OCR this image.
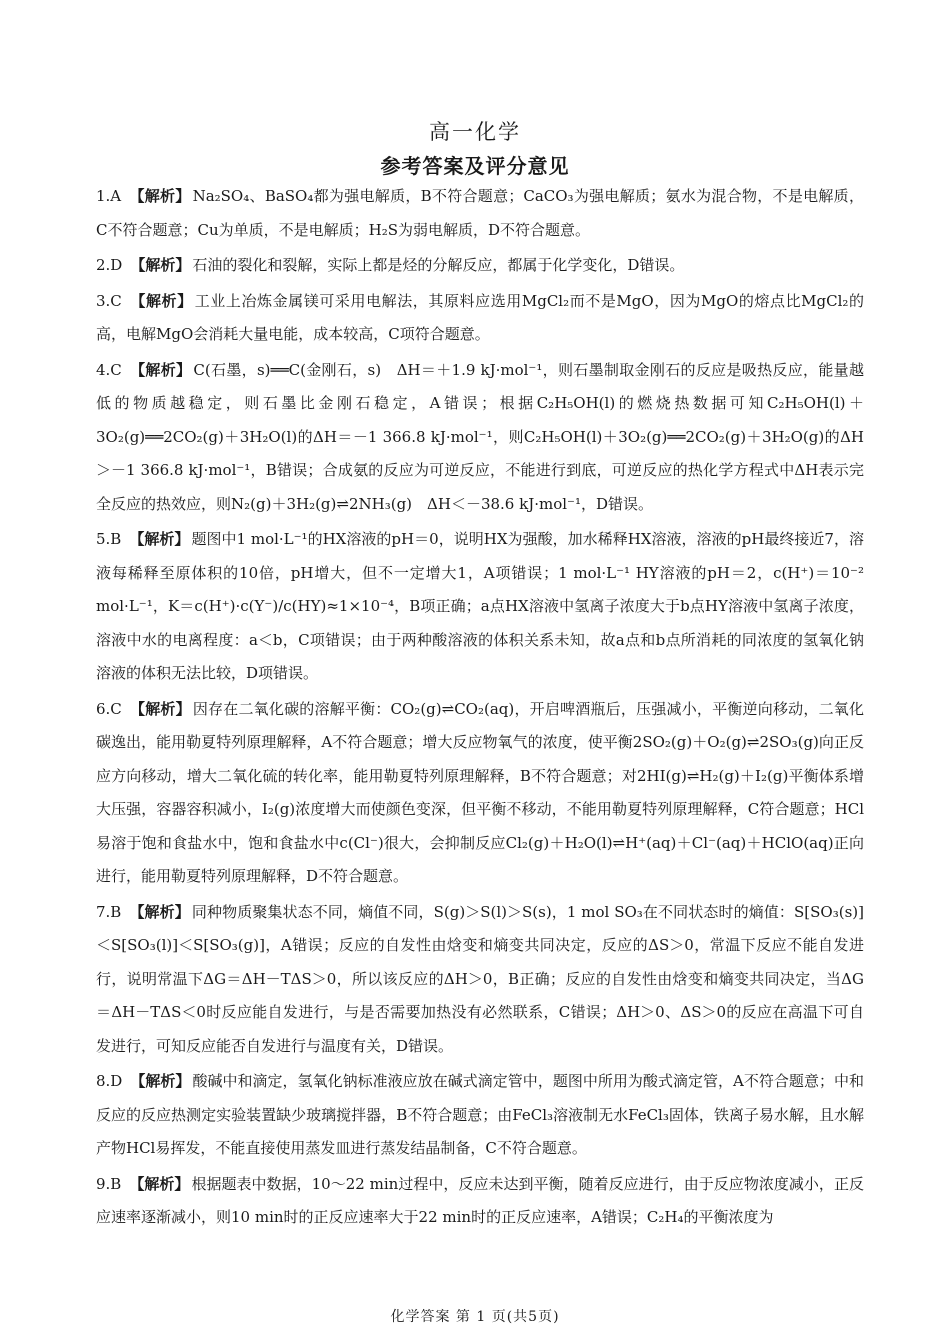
高一化学
参考答案及评分意见
1.A 【解析】 Na₂SO₄、BaSO₄都为强电解质，B不符合题意；CaCO₃为强电解质；氨水为混合物，不是电解质，C不符合题意；Cu为单质，不是电解质；H₂S为弱电解质，D不符合题意。
2.D 【解析】 石油的裂化和裂解，实际上都是烃的分解反应，都属于化学变化，D错误。
3.C 【解析】 工业上冶炼金属镁可采用电解法，其原料应选用MgCl₂而不是MgO，因为MgO的熔点比MgCl₂的高，电解MgO会消耗大量电能，成本较高，C项符合题意。
4.C 【解析】 C(石墨，s)══C(金刚石，s)　ΔH＝＋1.9 kJ·mol⁻¹，则石墨制取金刚石的反应是吸热反应，能量越低的物质越稳定，则石墨比金刚石稳定，A错误；根据C₂H₅OH(l)的燃烧热数据可知C₂H₅OH(l)＋3O₂(g)══2CO₂(g)＋3H₂O(l)的ΔH＝－1 366.8 kJ·mol⁻¹，则C₂H₅OH(l)＋3O₂(g)══2CO₂(g)＋3H₂O(g)的ΔH＞－1 366.8 kJ·mol⁻¹，B错误；合成氨的反应为可逆反应，不能进行到底，可逆反应的热化学方程式中ΔH表示完全反应的热效应，则N₂(g)＋3H₂(g)⇌2NH₃(g)　ΔH＜－38.6 kJ·mol⁻¹，D错误。
5.B 【解析】 题图中1 mol·L⁻¹的HX溶液的pH＝0，说明HX为强酸，加水稀释HX溶液，溶液的pH最终接近7，溶液每稀释至原体积的10倍，pH增大，但不一定增大1，A项错误；1 mol·L⁻¹ HY溶液的pH＝2，c(H⁺)＝10⁻² mol·L⁻¹，K＝c(H⁺)·c(Y⁻)/c(HY)≈1×10⁻⁴，B项正确；a点HX溶液中氢离子浓度大于b点HY溶液中氢离子浓度，溶液中水的电离程度：a＜b，C项错误；由于两种酸溶液的体积关系未知，故a点和b点所消耗的同浓度的氢氧化钠溶液的体积无法比较，D项错误。
6.C 【解析】 因存在二氧化碳的溶解平衡：CO₂(g)⇌CO₂(aq)，开启啤酒瓶后，压强减小，平衡逆向移动，二氧化碳逸出，能用勒夏特列原理解释，A不符合题意；增大反应物氧气的浓度，使平衡2SO₂(g)＋O₂(g)⇌2SO₃(g)向正反应方向移动，增大二氧化硫的转化率，能用勒夏特列原理解释，B不符合题意；对2HI(g)⇌H₂(g)＋I₂(g)平衡体系增大压强，容器容积减小，I₂(g)浓度增大而使颜色变深，但平衡不移动，不能用勒夏特列原理解释，C符合题意；HCl易溶于饱和食盐水中，饱和食盐水中c(Cl⁻)很大，会抑制反应Cl₂(g)＋H₂O(l)⇌H⁺(aq)＋Cl⁻(aq)＋HClO(aq)正向进行，能用勒夏特列原理解释，D不符合题意。
7.B 【解析】 同种物质聚集状态不同，熵值不同，S(g)＞S(l)＞S(s)，1 mol SO₃在不同状态时的熵值：S[SO₃(s)]＜S[SO₃(l)]＜S[SO₃(g)]，A错误；反应的自发性由焓变和熵变共同决定，反应的ΔS＞0，常温下反应不能自发进行，说明常温下ΔG＝ΔH－TΔS＞0，所以该反应的ΔH＞0，B正确；反应的自发性由焓变和熵变共同决定，当ΔG＝ΔH－TΔS＜0时反应能自发进行，与是否需要加热没有必然联系，C错误；ΔH＞0、ΔS＞0的反应在高温下可自发进行，可知反应能否自发进行与温度有关，D错误。
8.D 【解析】 酸碱中和滴定，氢氧化钠标准液应放在碱式滴定管中，题图中所用为酸式滴定管，A不符合题意；中和反应的反应热测定实验装置缺少玻璃搅拌器，B不符合题意；由FeCl₃溶液制无水FeCl₃固体，铁离子易水解，且水解产物HCl易挥发，不能直接使用蒸发皿进行蒸发结晶制备，C不符合题意。
9.B 【解析】 根据题表中数据，10～22 min过程中，反应未达到平衡，随着反应进行，由于反应物浓度减小，正反应速率逐渐减小，则10 min时的正反应速率大于22 min时的正反应速率，A错误；C₂H₄的平衡浓度为
化学答案 第 1 页(共5页)
